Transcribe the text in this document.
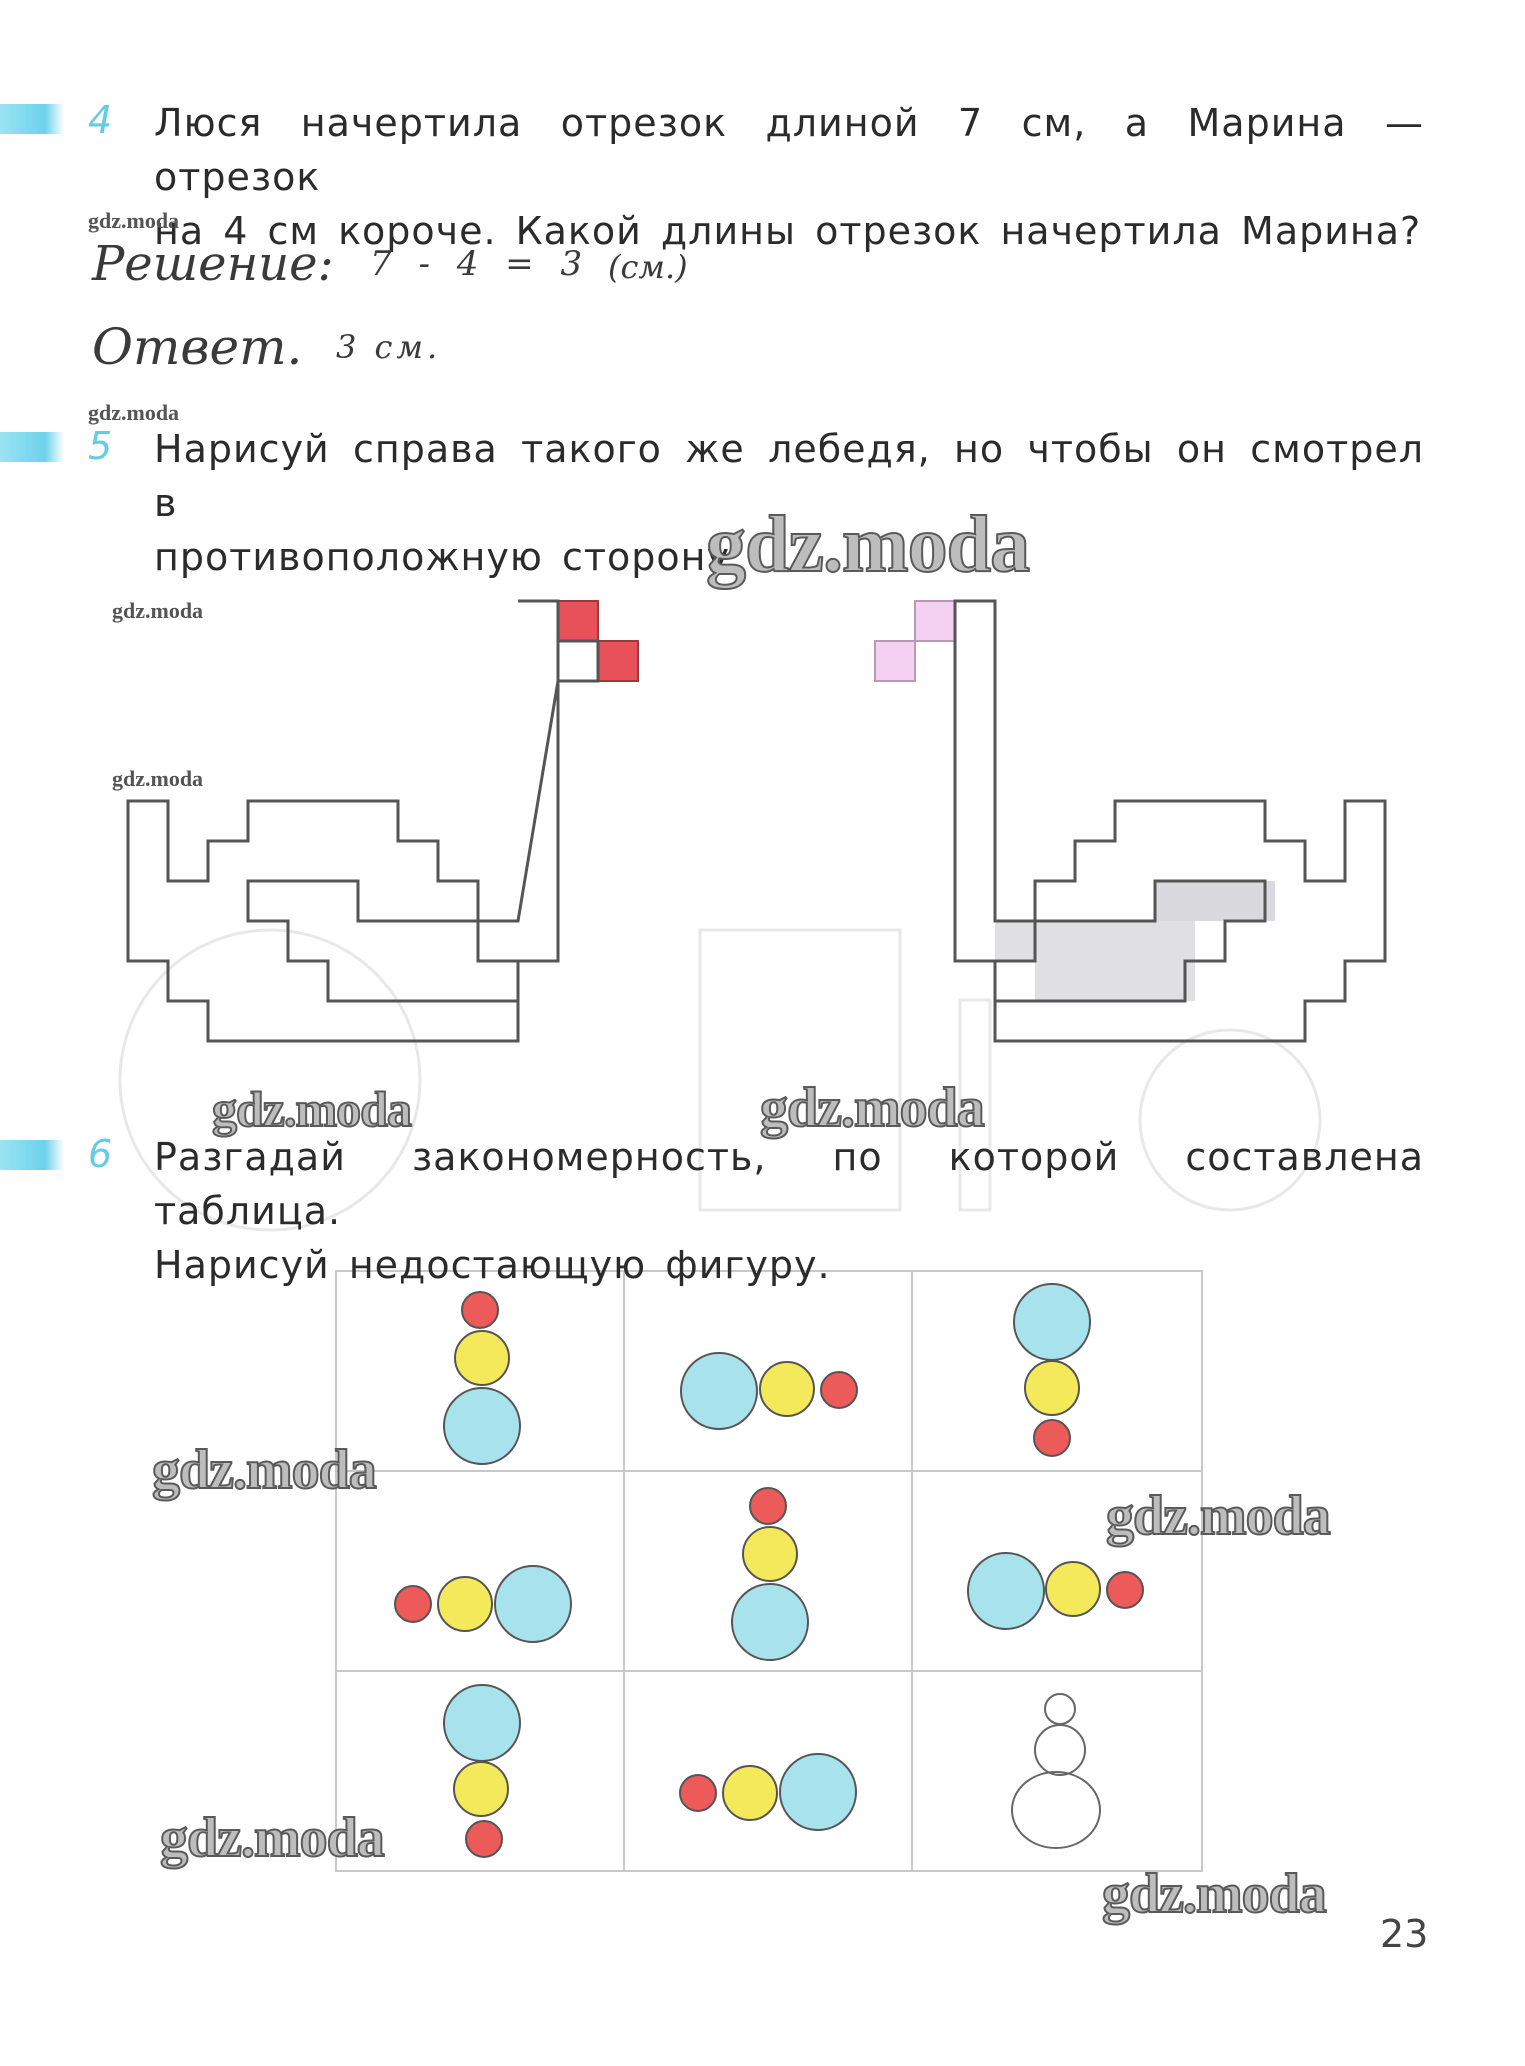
4 Люся начертила отрезок длиной 7 см, а Марина — отрезок
на 4 см короче. Какой длины отрезок начертила Марина?
gdz.moda
Решение: 7 - 4 = 3 (см.)
Ответ. 3 см.
gdz.moda
5 Нарисуй справа такого же лебедя, но чтобы он смотрел в
противоположную сторону.
gdz.moda
gdz.moda
gdz.moda
gdz.moda	gdz.moda
6 Разгадай закономерность, по которой составлена таблица.
Нарисуй недостающую фигуру.
gdz.moda
gdz.moda
gdz.moda
gdz.moda
23
